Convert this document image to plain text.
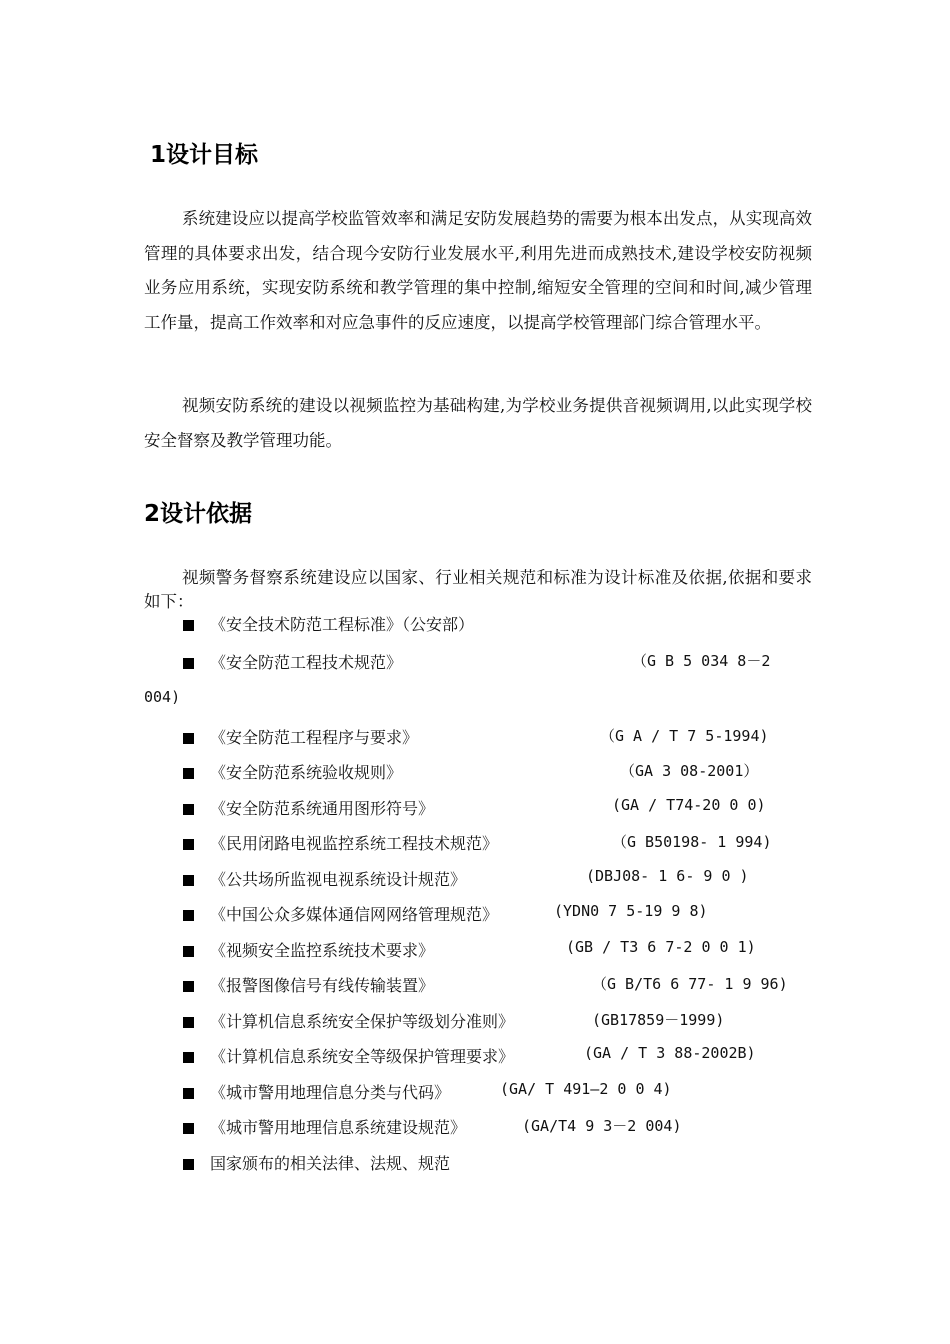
1设计目标

系统建设应以提高学校监管效率和满足安防发展趋势的需要为根本出发点，从实现高效管理的具体要求出发，结合现今安防行业发展水平,利用先进而成熟技术,建设学校安防视频业务应用系统，实现安防系统和教学管理的集中控制,缩短安全管理的空间和时间,减少管理工作量，提高工作效率和对应急事件的反应速度，以提高学校管理部门综合管理水平。

视频安防系统的建设以视频监控为基础构建,为学校业务提供音视频调用,以此实现学校安全督察及教学管理功能。

2设计依据

视频警务督察系统建设应以国家、行业相关规范和标准为设计标准及依据,依据和要求如下：

《安全技术防范工程标准》（公安部）
《安全防范工程技术规范》	（G B 5 034 8－2
004)
《安全防范工程程序与要求》	（G A / T 7 5-1994)
《安全防范系统验收规则》	（GA 3 08-2001）
《安全防范系统通用图形符号》	(GA / T74-20 0 0)
《民用闭路电视监控系统工程技术规范》	（G B50198- 1 994)
《公共场所监视电视系统设计规范》	(DBJ08- 1 6- 9 0 )
《中国公众多媒体通信网网络管理规范》	(YDN0 7 5-19 9 8)
《视频安全监控系统技术要求》	(GB / T3 6 7-2 0 0 1)
《报警图像信号有线传输装置》	（G B/T6 6 77- 1 9 96)
《计算机信息系统安全保护等级划分准则》	(GB17859－1999)
《计算机信息系统安全等级保护管理要求》	(GA / T 3 88-2002B)
《城市警用地理信息分类与代码》	(GA/ T 491—2 0 0 4)
《城市警用地理信息系统建设规范》	(GA/T4 9 3－2 004)
国家颁布的相关法律、法规、规范
